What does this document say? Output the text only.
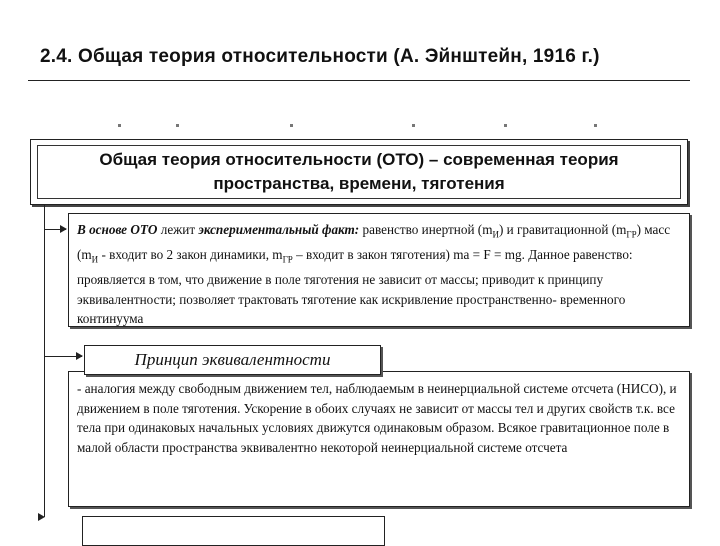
2.4. Общая теория относительности (А. Эйнштейн, 1916 г.)
Общая теория относительности (ОТО) – современная теория
пространства, времени, тяготения
В основе ОТО лежит экспериментальный факт: равенство инертной $(m_И)$ и гравитационной $(m_{ГР})$ масс ($m_И$ - входит во 2 закон динамики, $m_{ГР}$ – входит в закон тяготения) ma = F = mg. Данное равенство: проявляется в том, что движение в поле тяготения не зависит от массы; приводит к принципу эквивалентности; позволяет трактовать тяготение как искривление пространственно- временного континуума
- аналогия между свободным движением тел, наблюдаемым в неинерциальной системе отсчета (НИСО), и движением в поле тяготения. Ускорение в обоих случаях не зависит от массы тел и других свойств т.к. все тела при одинаковых начальных условиях движутся одинаковым образом. Всякое гравитационное поле в малой области пространства эквивалентно некоторой неинерциальной системе отсчета
Принцип эквивалентности
